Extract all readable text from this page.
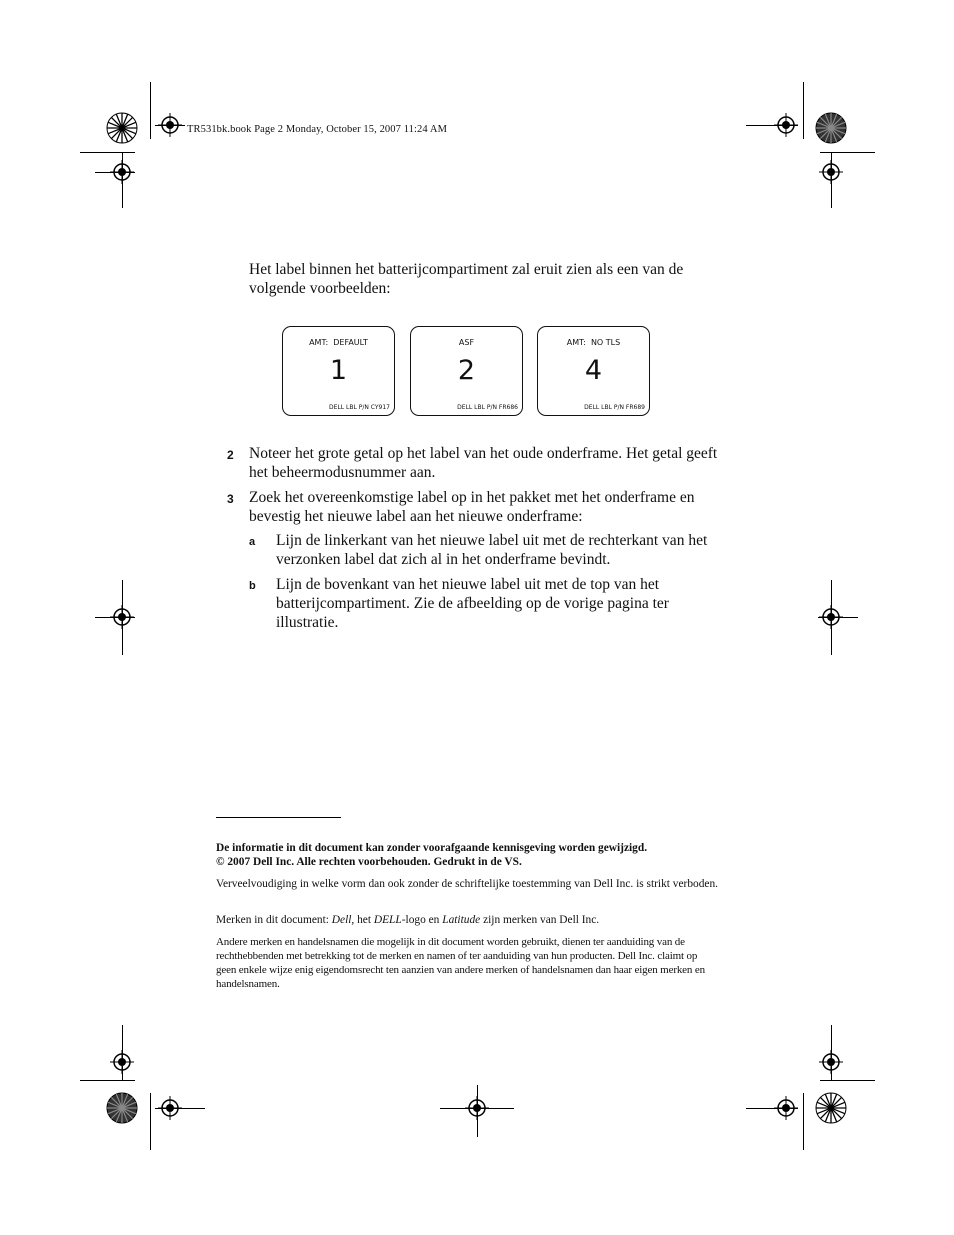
TR531bk.book Page 2 Monday, October 15, 2007 11:24 AM
Het label binnen het batterijcompartiment zal eruit zien als een van de volgende voorbeelden:
AMT:  DEFAULT
1
DELL LBL P/N CY917
ASF
2
DELL LBL P/N FR686
AMT:  NO TLS
4
DELL LBL P/N FR689
2 Noteer het grote getal op het label van het oude onderframe. Het getal geeft het beheermodusnummer aan.
3 Zoek het overeenkomstige label op in het pakket met het onderframe en bevestig het nieuwe label aan het nieuwe onderframe:
a	Lijn de linkerkant van het nieuwe label uit met de rechterkant van het verzonken label dat zich al in het onderframe bevindt.
b	Lijn de bovenkant van het nieuwe label uit met de top van het batterijcompartiment. Zie de afbeelding op de vorige pagina ter illustratie.
De informatie in dit document kan zonder voorafgaande kennisgeving worden gewijzigd.
© 2007 Dell Inc. Alle rechten voorbehouden. Gedrukt in de VS.
Verveelvoudiging in welke vorm dan ook zonder de schriftelijke toestemming van Dell Inc. is strikt verboden.
Merken in dit document: Dell, het DELL-logo en Latitude zijn merken van Dell Inc.
Andere merken en handelsnamen die mogelijk in dit document worden gebruikt, dienen ter aanduiding van de rechthebbenden met betrekking tot de merken en namen of ter aanduiding van hun producten. Dell Inc. claimt op geen enkele wijze enig eigendomsrecht ten aanzien van andere merken of handelsnamen dan haar eigen merken en handelsnamen.
